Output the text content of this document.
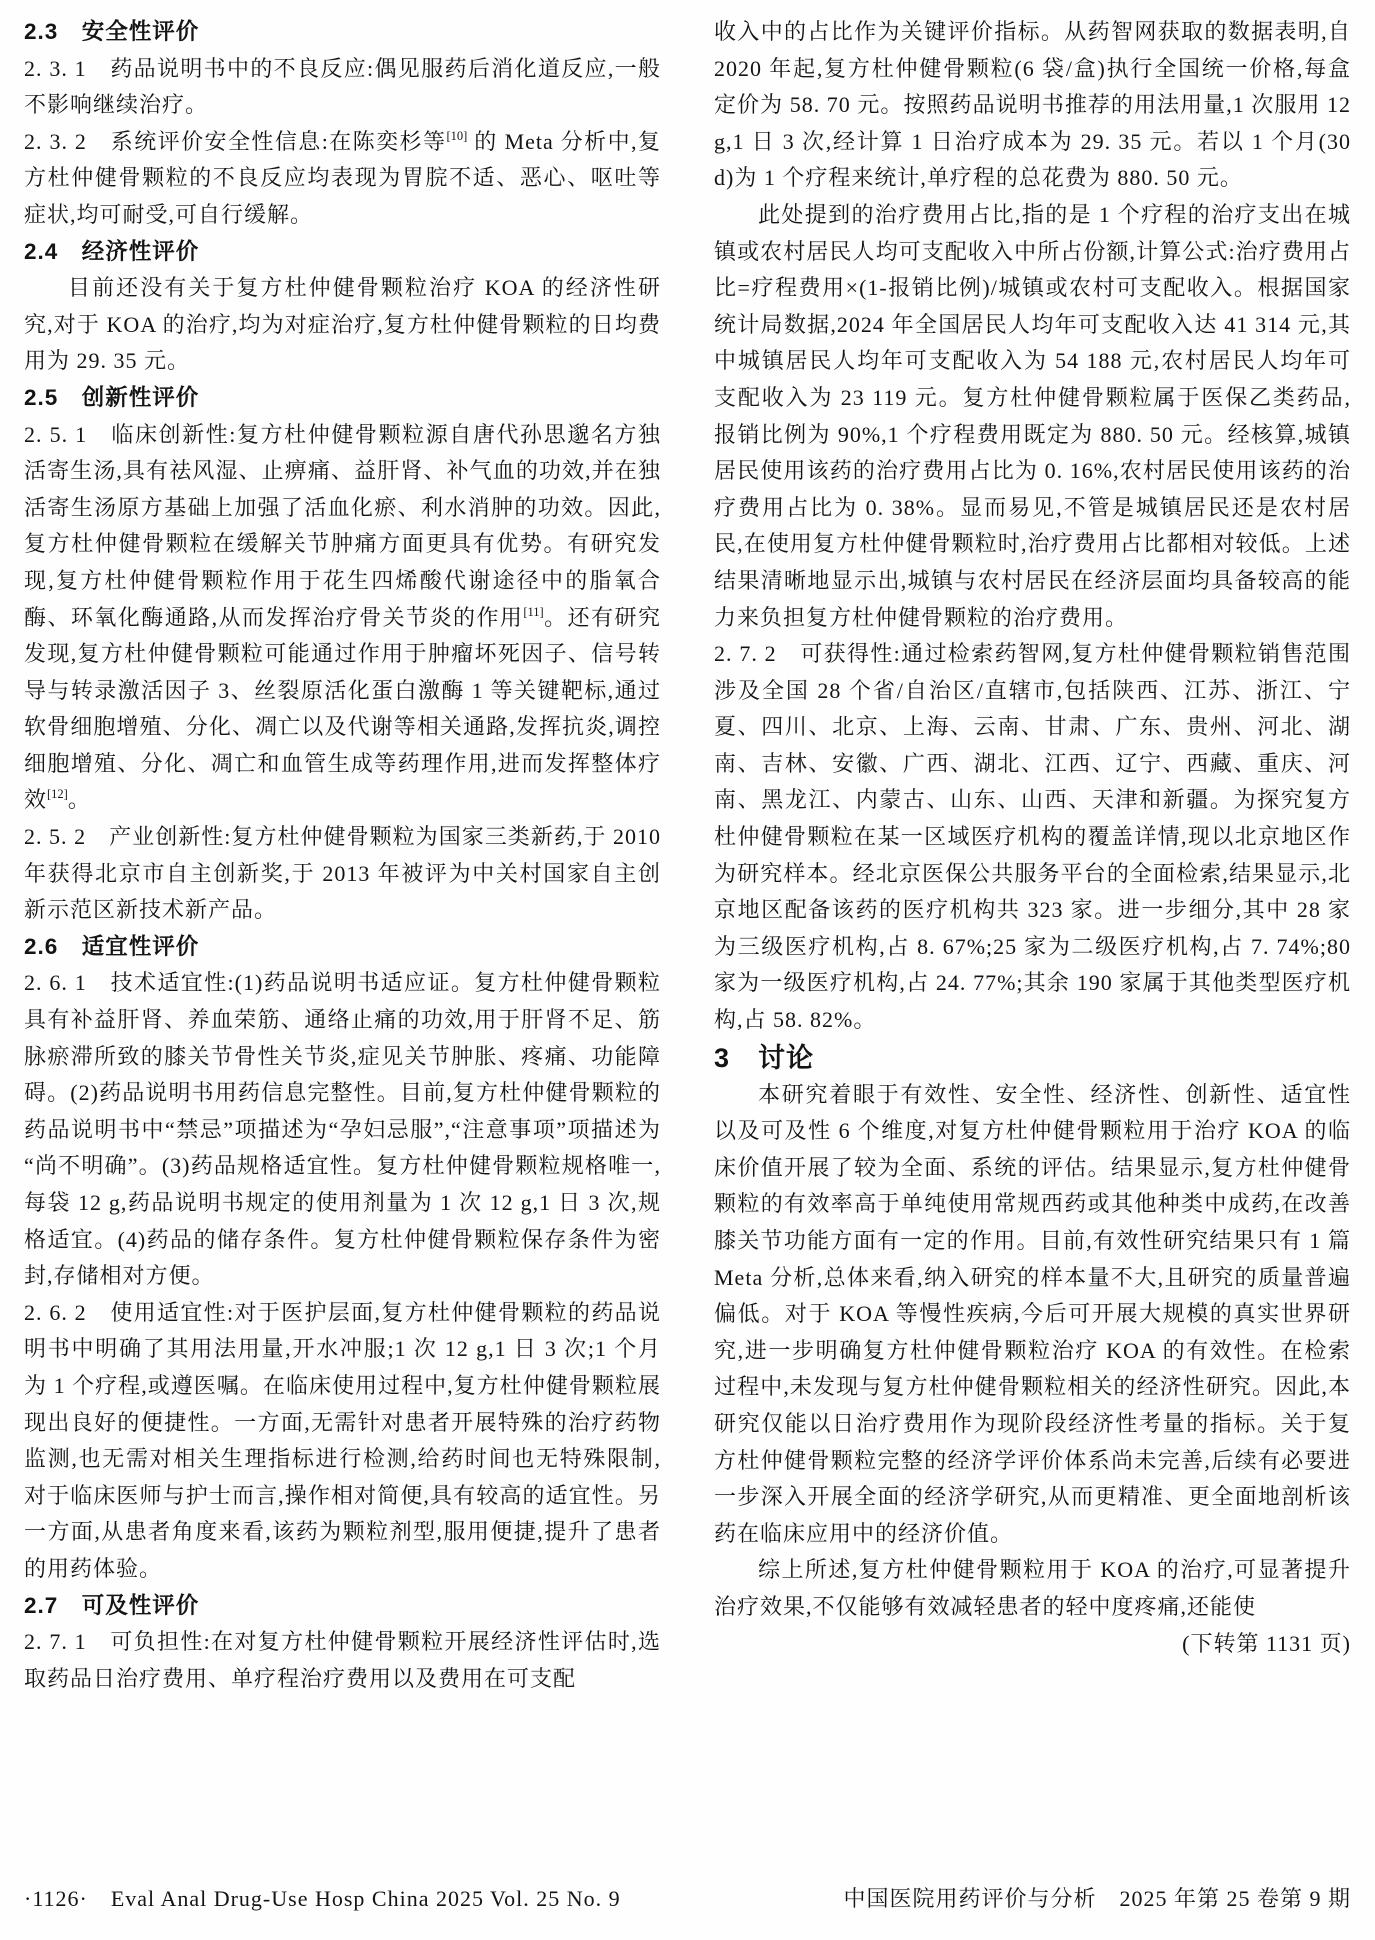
2.3　安全性评价

2. 3. 1　药品说明书中的不良反应:偶见服药后消化道反应,一般不影响继续治疗。

2. 3. 2　系统评价安全性信息:在陈奕杉等[10] 的 Meta 分析中,复方杜仲健骨颗粒的不良反应均表现为胃脘不适、恶心、呕吐等症状,均可耐受,可自行缓解。

2.4　经济性评价

目前还没有关于复方杜仲健骨颗粒治疗 KOA 的经济性研究,对于 KOA 的治疗,均为对症治疗,复方杜仲健骨颗粒的日均费用为 29. 35 元。

2.5　创新性评价

2. 5. 1　临床创新性:复方杜仲健骨颗粒源自唐代孙思邈名方独活寄生汤,具有祛风湿、止痹痛、益肝肾、补气血的功效,并在独活寄生汤原方基础上加强了活血化瘀、利水消肿的功效。因此,复方杜仲健骨颗粒在缓解关节肿痛方面更具有优势。有研究发现,复方杜仲健骨颗粒作用于花生四烯酸代谢途径中的脂氧合酶、环氧化酶通路,从而发挥治疗骨关节炎的作用[11]。还有研究发现,复方杜仲健骨颗粒可能通过作用于肿瘤坏死因子、信号转导与转录激活因子 3、丝裂原活化蛋白激酶 1 等关键靶标,通过软骨细胞增殖、分化、凋亡以及代谢等相关通路,发挥抗炎,调控细胞增殖、分化、凋亡和血管生成等药理作用,进而发挥整体疗效[12]。

2. 5. 2　产业创新性:复方杜仲健骨颗粒为国家三类新药,于 2010 年获得北京市自主创新奖,于 2013 年被评为中关村国家自主创新示范区新技术新产品。

2.6　适宜性评价

2. 6. 1　技术适宜性:(1)药品说明书适应证。复方杜仲健骨颗粒具有补益肝肾、养血荣筋、通络止痛的功效,用于肝肾不足、筋脉瘀滞所致的膝关节骨性关节炎,症见关节肿胀、疼痛、功能障碍。(2)药品说明书用药信息完整性。目前,复方杜仲健骨颗粒的药品说明书中“禁忌”项描述为“孕妇忌服”,“注意事项”项描述为“尚不明确”。(3)药品规格适宜性。复方杜仲健骨颗粒规格唯一,每袋 12 g,药品说明书规定的使用剂量为 1 次 12 g,1 日 3 次,规格适宜。(4)药品的储存条件。复方杜仲健骨颗粒保存条件为密封,存储相对方便。

2. 6. 2　使用适宜性:对于医护层面,复方杜仲健骨颗粒的药品说明书中明确了其用法用量,开水冲服;1 次 12 g,1 日 3 次;1 个月为 1 个疗程,或遵医嘱。在临床使用过程中,复方杜仲健骨颗粒展现出良好的便捷性。一方面,无需针对患者开展特殊的治疗药物监测,也无需对相关生理指标进行检测,给药时间也无特殊限制,对于临床医师与护士而言,操作相对简便,具有较高的适宜性。另一方面,从患者角度来看,该药为颗粒剂型,服用便捷,提升了患者的用药体验。

2.7　可及性评价

2. 7. 1　可负担性:在对复方杜仲健骨颗粒开展经济性评估时,选取药品日治疗费用、单疗程治疗费用以及费用在可支配

收入中的占比作为关键评价指标。从药智网获取的数据表明,自 2020 年起,复方杜仲健骨颗粒(6 袋/盒)执行全国统一价格,每盒定价为 58. 70 元。按照药品说明书推荐的用法用量,1 次服用 12 g,1 日 3 次,经计算 1 日治疗成本为 29. 35 元。若以 1 个月(30 d)为 1 个疗程来统计,单疗程的总花费为 880. 50 元。

此处提到的治疗费用占比,指的是 1 个疗程的治疗支出在城镇或农村居民人均可支配收入中所占份额,计算公式:治疗费用占比=疗程费用×(1-报销比例)/城镇或农村可支配收入。根据国家统计局数据,2024 年全国居民人均年可支配收入达 41 314 元,其中城镇居民人均年可支配收入为 54 188 元,农村居民人均年可支配收入为 23 119 元。复方杜仲健骨颗粒属于医保乙类药品,报销比例为 90%,1 个疗程费用既定为 880. 50 元。经核算,城镇居民使用该药的治疗费用占比为 0. 16%,农村居民使用该药的治疗费用占比为 0. 38%。显而易见,不管是城镇居民还是农村居民,在使用复方杜仲健骨颗粒时,治疗费用占比都相对较低。上述结果清晰地显示出,城镇与农村居民在经济层面均具备较高的能力来负担复方杜仲健骨颗粒的治疗费用。

2. 7. 2　可获得性:通过检索药智网,复方杜仲健骨颗粒销售范围涉及全国 28 个省/自治区/直辖市,包括陕西、江苏、浙江、宁夏、四川、北京、上海、云南、甘肃、广东、贵州、河北、湖南、吉林、安徽、广西、湖北、江西、辽宁、西藏、重庆、河南、黑龙江、内蒙古、山东、山西、天津和新疆。为探究复方杜仲健骨颗粒在某一区域医疗机构的覆盖详情,现以北京地区作为研究样本。经北京医保公共服务平台的全面检索,结果显示,北京地区配备该药的医疗机构共 323 家。进一步细分,其中 28 家为三级医疗机构,占 8. 67%;25 家为二级医疗机构,占 7. 74%;80 家为一级医疗机构,占 24. 77%;其余 190 家属于其他类型医疗机构,占 58. 82%。

3　讨论

本研究着眼于有效性、安全性、经济性、创新性、适宜性以及可及性 6 个维度,对复方杜仲健骨颗粒用于治疗 KOA 的临床价值开展了较为全面、系统的评估。结果显示,复方杜仲健骨颗粒的有效率高于单纯使用常规西药或其他种类中成药,在改善膝关节功能方面有一定的作用。目前,有效性研究结果只有 1 篇 Meta 分析,总体来看,纳入研究的样本量不大,且研究的质量普遍偏低。对于 KOA 等慢性疾病,今后可开展大规模的真实世界研究,进一步明确复方杜仲健骨颗粒治疗 KOA 的有效性。在检索过程中,未发现与复方杜仲健骨颗粒相关的经济性研究。因此,本研究仅能以日治疗费用作为现阶段经济性考量的指标。关于复方杜仲健骨颗粒完整的经济学评价体系尚未完善,后续有必要进一步深入开展全面的经济学研究,从而更精准、更全面地剖析该药在临床应用中的经济价值。

综上所述,复方杜仲健骨颗粒用于 KOA 的治疗,可显著提升治疗效果,不仅能够有效减轻患者的轻中度疼痛,还能使

(下转第 1131 页)

·1126·　Eval Anal Drug-Use Hosp China 2025 Vol. 25 No. 9	中国医院用药评价与分析　2025 年第 25 卷第 9 期
